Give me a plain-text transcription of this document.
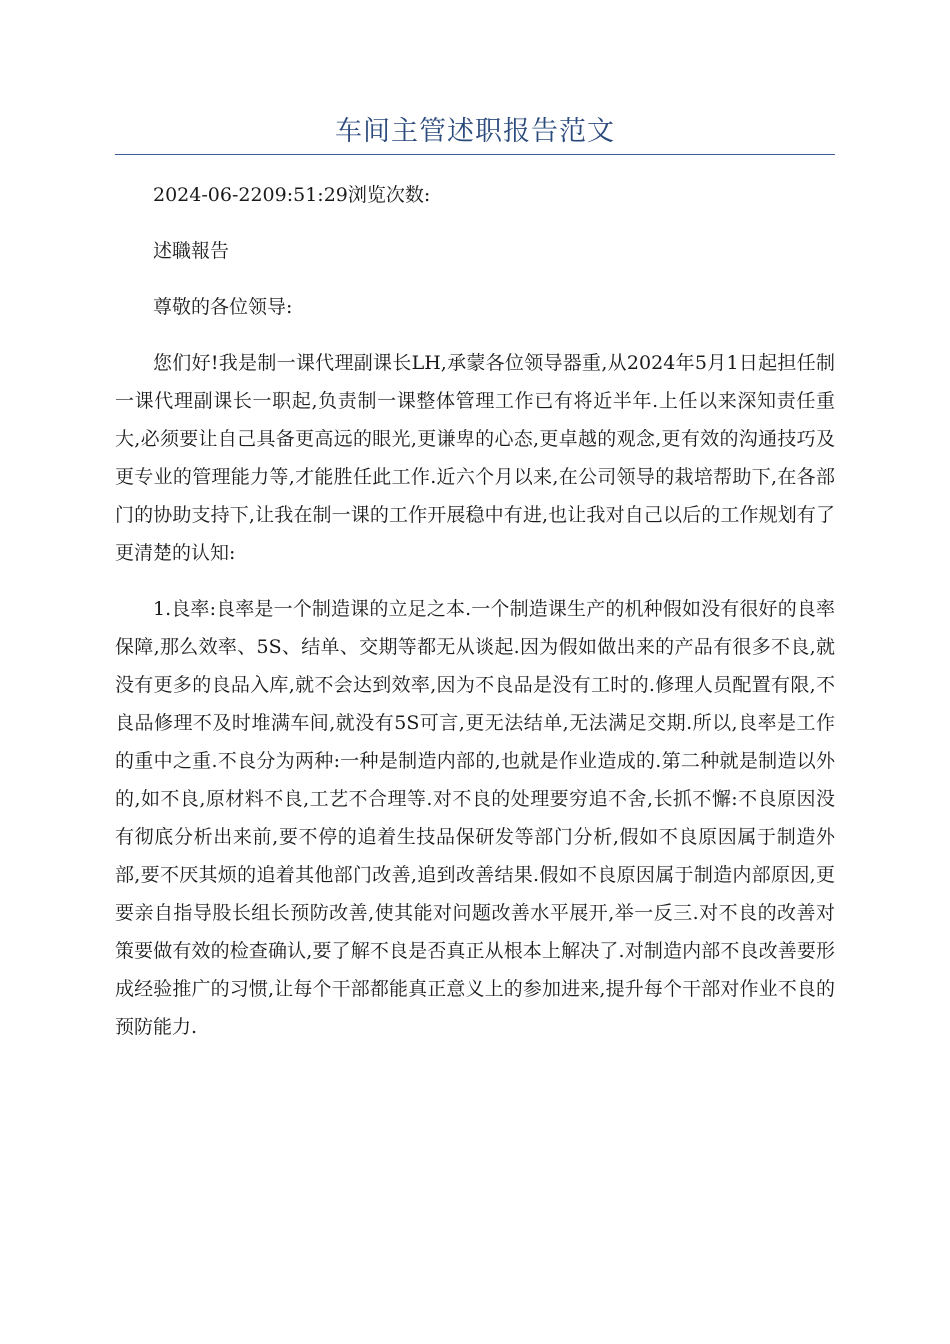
车间主管述职报告范文

2024-06-2209:51:29浏览次数:

述職報告

尊敬的各位领导:

您们好!我是制一课代理副课长LH,承蒙各位领导器重,从2024年5月1日起担任制一课代理副课长一职起,负责制一课整体管理工作已有将近半年.上任以来深知责任重大,必须要让自己具备更高远的眼光,更谦卑的心态,更卓越的观念,更有效的沟通技巧及更专业的管理能力等,才能胜任此工作.近六个月以来,在公司领导的栽培帮助下,在各部门的协助支持下,让我在制一课的工作开展稳中有进,也让我对自己以后的工作规划有了更清楚的认知:

1.良率:良率是一个制造课的立足之本.一个制造课生产的机种假如没有很好的良率保障,那么效率、5S、结单、交期等都无从谈起.因为假如做出来的产品有很多不良,就没有更多的良品入库,就不会达到效率,因为不良品是没有工时的.修理人员配置有限,不良品修理不及时堆满车间,就没有5S可言,更无法结单,无法满足交期.所以,良率是工作的重中之重.不良分为两种:一种是制造内部的,也就是作业造成的.第二种就是制造以外的,如不良,原材料不良,工艺不合理等.对不良的处理要穷追不舍,长抓不懈:不良原因没有彻底分析出来前,要不停的追着生技品保研发等部门分析,假如不良原因属于制造外部,要不厌其烦的追着其他部门改善,追到改善结果.假如不良原因属于制造内部原因,更要亲自指导股长组长预防改善,使其能对问题改善水平展开,举一反三.对不良的改善对策要做有效的检查确认,要了解不良是否真正从根本上解决了.对制造内部不良改善要形成经验推广的习惯,让每个干部都能真正意义上的参加进来,提升每个干部对作业不良的预防能力.
